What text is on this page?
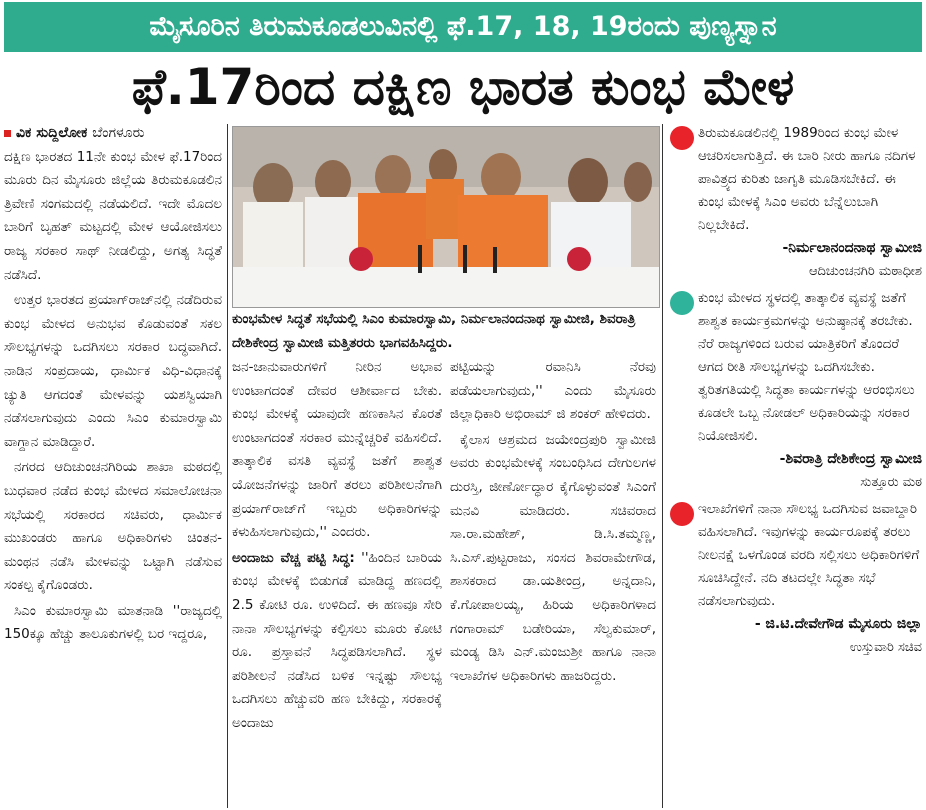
ಮೈಸೂರಿನ ತಿರುಮಕೂಡಲುವಿನಲ್ಲಿ ಫೆ.17, 18, 19ರಂದು ಪುಣ್ಯಸ್ನಾನ
ಫೆ.17ರಿಂದ ದಕ್ಷಿಣ ಭಾರತ ಕುಂಭ ಮೇಳ
ವಿಕ ಸುದ್ದಿಲೋಕ ಬೆಂಗಳೂರು

ದಕ್ಷಿಣ ಭಾರತದ 11ನೇ ಕುಂಭ ಮೇಳ ಫೆ.17ರಿಂದ ಮೂರು ದಿನ ಮೈಸೂರು ಜಿಲ್ಲೆಯ ತಿರುಮಕೂಡಲಿನ ತ್ರಿವೇಣಿ ಸಂಗಮದಲ್ಲಿ ನಡೆಯಲಿದೆ. ಇದೇ ಮೊದಲ ಬಾರಿಗೆ ಬೃಹತ್ ಮಟ್ಟದಲ್ಲಿ ಮೇಳ ಆಯೋಜಿಸಲು ರಾಜ್ಯ ಸರಕಾರ ಸಾಥ್ ನೀಡಲಿದ್ದು, ಅಗತ್ಯ ಸಿದ್ಧತೆ ನಡೆಸಿದೆ.

ಉತ್ತರ ಭಾರತದ ಪ್ರಯಾಗ್‌ರಾಜ್‌ನಲ್ಲಿ ನಡೆದಿರುವ ಕುಂಭ ಮೇಳದ ಅನುಭವ ಕೊಡುವಂತೆ ಸಕಲ ಸೌಲಭ್ಯಗಳನ್ನು ಒದಗಿಸಲು ಸರಕಾರ ಬದ್ಧವಾಗಿದೆ. ನಾಡಿನ ಸಂಪ್ರದಾಯ, ಧಾರ್ಮಿಕ ವಿಧಿ-ವಿಧಾನಕ್ಕೆ ಚ್ಯುತಿ ಆಗದಂತೆ ಮೇಳವನ್ನು ಯಶಸ್ವಿಯಾಗಿ ನಡೆಸಲಾಗುವುದು ಎಂದು ಸಿಎಂ ಕುಮಾರಸ್ವಾಮಿ ವಾಗ್ದಾನ ಮಾಡಿದ್ದಾರೆ.

ನಗರದ ಆದಿಚುಂಚನಗಿರಿಯ ಶಾಖಾ ಮಠದಲ್ಲಿ ಬುಧವಾರ ನಡೆದ ಕುಂಭ ಮೇಳದ ಸಮಾಲೋಚನಾ ಸಭೆಯಲ್ಲಿ ಸರಕಾರದ ಸಚಿವರು, ಧಾರ್ಮಿಕ ಮುಖಂಡರು ಹಾಗೂ ಅಧಿಕಾರಿಗಳು ಚಿಂತನ-ಮಂಥನ ನಡೆಸಿ ಮೇಳವನ್ನು ಒಟ್ಟಾಗಿ ನಡೆಸುವ ಸಂಕಲ್ಪ ಕೈಗೊಂಡರು.

ಸಿಎಂ ಕುಮಾರಸ್ವಾಮಿ ಮಾತನಾಡಿ ''ರಾಜ್ಯದಲ್ಲಿ 150ಕ್ಕೂ ಹೆಚ್ಚು ತಾಲೂಕುಗಳಲ್ಲಿ ಬರ ಇದ್ದರೂ,

ಕುಂಭಮೇಳ ಸಿದ್ಧತೆ ಸಭೆಯಲ್ಲಿ ಸಿಎಂ ಕುಮಾರಸ್ವಾಮಿ, ನಿರ್ಮಲಾನಂದನಾಥ ಸ್ವಾಮೀಜಿ, ಶಿವರಾತ್ರಿ ದೇಶಿಕೇಂದ್ರ ಸ್ವಾಮೀಜಿ ಮತ್ತಿತರರು ಭಾಗವಹಿಸಿದ್ದರು.

ಜನ-ಜಾನುವಾರುಗಳಿಗೆ ನೀರಿನ ಅಭಾವ ಉಂಟಾಗದಂತೆ ದೇವರ ಆಶೀರ್ವಾದ ಬೇಕು. ಕುಂಭ ಮೇಳಕ್ಕೆ ಯಾವುದೇ ಹಣಕಾಸಿನ ಕೊರತೆ ಉಂಟಾಗದಂತೆ ಸರಕಾರ ಮುನ್ನೆಚ್ಚರಿಕೆ ವಹಿಸಲಿದೆ. ತಾತ್ಕಾಲಿಕ ವಸತಿ ವ್ಯವಸ್ಥೆ ಜತೆಗೆ ಶಾಶ್ವತ ಯೋಜನೆಗಳನ್ನು ಜಾರಿಗೆ ತರಲು ಪರಿಶೀಲನೆಗಾಗಿ ಪ್ರಯಾಗ್‌ರಾಜ್‌ಗೆ ಇಬ್ಬರು ಅಧಿಕಾರಿಗಳನ್ನು ಕಳುಹಿಸಲಾಗುವುದು,'' ಎಂದರು.

ಅಂದಾಜು ವೆಚ್ಚ ಪಟ್ಟಿ ಸಿದ್ಧ: ''ಹಿಂದಿನ ಬಾರಿಯ ಕುಂಭ ಮೇಳಕ್ಕೆ ಬಿಡುಗಡೆ ಮಾಡಿದ್ದ ಹಣದಲ್ಲಿ 2.5 ಕೋಟಿ ರೂ. ಉಳಿದಿದೆ. ಈ ಹಣವೂ ಸೇರಿ ನಾನಾ ಸೌಲಭ್ಯಗಳನ್ನು ಕಲ್ಪಿಸಲು ಮೂರು ಕೋಟಿ ರೂ. ಪ್ರಸ್ತಾವನೆ ಸಿದ್ಧಪಡಿಸಲಾಗಿದೆ. ಸ್ಥಳ ಪರಿಶೀಲನೆ ನಡೆಸಿದ ಬಳಿಕ ಇನ್ನಷ್ಟು ಸೌಲಭ್ಯ ಒದಗಿಸಲು ಹೆಚ್ಚುವರಿ ಹಣ ಬೇಕಿದ್ದು, ಸರಕಾರಕ್ಕೆ ಅಂದಾಜು

ಪಟ್ಟಿಯನ್ನು ರವಾನಿಸಿ ನೆರವು ಪಡೆಯಲಾಗುವುದು,'' ಎಂದು ಮೈಸೂರು ಜಿಲ್ಲಾಧಿಕಾರಿ ಅಭಿರಾಮ್ ಜಿ ಶಂಕರ್ ಹೇಳಿದರು.

ಕೈಲಾಸ ಆಶ್ರಮದ ಜಯೇಂದ್ರಪುರಿ ಸ್ವಾಮೀಜಿ ಅವರು ಕುಂಭಮೇಳಕ್ಕೆ ಸಂಬಂಧಿಸಿದ ದೇಗುಲಗಳ ದುರಸ್ತಿ, ಜೀರ್ಣೋದ್ಧಾರ ಕೈಗೊಳ್ಳುವಂತೆ ಸಿಎಂಗೆ ಮನವಿ ಮಾಡಿದರು. ಸಚಿವರಾದ ಸಾ.ರಾ.ಮಹೇಶ್, ಡಿ.ಸಿ.ತಮ್ಮಣ್ಣ, ಸಿ.ಎಸ್.ಪುಟ್ಟರಾಜು, ಸಂಸದ ಶಿವರಾಮೇಗೌಡ, ಶಾಸಕರಾದ ಡಾ.ಯತೀಂದ್ರ, ಅನ್ನದಾನಿ, ಕೆ.ಗೋಪಾಲಯ್ಯ, ಹಿರಿಯ ಅಧಿಕಾರಿಗಳಾದ ಗಂಗಾರಾಮ್ ಬಡೇರಿಯಾ, ಸೆಲ್ವಕುಮಾರ್, ಮಂಡ್ಯ ಡಿಸಿ ಎನ್.ಮಂಜುಶ್ರೀ ಹಾಗೂ ನಾನಾ ಇಲಾಖೆಗಳ ಅಧಿಕಾರಿಗಳು ಹಾಜರಿದ್ದರು.

ತಿರುಮಕೂಡಲಿನಲ್ಲಿ 1989ರಿಂದ ಕುಂಭ ಮೇಳ ಆಚರಿಸಲಾಗುತ್ತಿದೆ. ಈ ಬಾರಿ ನೀರು ಹಾಗೂ ನದಿಗಳ ಪಾವಿತ್ರ್ಯದ ಕುರಿತು ಜಾಗೃತಿ ಮೂಡಿಸಬೇಕಿದೆ. ಈ ಕುಂಭ ಮೇಳಕ್ಕೆ ಸಿಎಂ ಅವರು ಬೆನ್ನೆಲುಬಾಗಿ ನಿಲ್ಲಬೇಕಿದೆ.
-ನಿರ್ಮಲಾನಂದನಾಥ ಸ್ವಾಮೀಜಿ
ಆದಿಚುಂಚನಗಿರಿ ಮಠಾಧೀಶ
ಕುಂಭ ಮೇಳದ ಸ್ಥಳದಲ್ಲಿ ತಾತ್ಕಾಲಿಕ ವ್ಯವಸ್ಥೆ ಜತೆಗೆ ಶಾಶ್ವತ ಕಾರ್ಯಕ್ರಮಗಳನ್ನು ಅನುಷ್ಠಾನಕ್ಕೆ ತರಬೇಕು. ನೆರೆ ರಾಜ್ಯಗಳಿಂದ ಬರುವ ಯಾತ್ರಿಕರಿಗೆ ತೊಂದರೆ ಆಗದ ರೀತಿ ಸೌಲಭ್ಯಗಳನ್ನು ಒದಗಿಸಬೇಕು. ತ್ವರಿತಗತಿಯಲ್ಲಿ ಸಿದ್ಧತಾ ಕಾರ್ಯಗಳನ್ನು ಆರಂಭಿಸಲು ಕೂಡಲೇ ಒಬ್ಬ ನೋಡಲ್ ಅಧಿಕಾರಿಯನ್ನು ಸರಕಾರ ನಿಯೋಜಿಸಲಿ.
-ಶಿವರಾತ್ರಿ ದೇಶಿಕೇಂದ್ರ ಸ್ವಾಮೀಜಿ
ಸುತ್ತೂರು ಮಠ
ಇಲಾಖೆಗಳಿಗೆ ನಾನಾ ಸೌಲಭ್ಯ ಒದಗಿಸುವ ಜವಾಬ್ದಾರಿ ವಹಿಸಲಾಗಿದೆ. ಇವುಗಳನ್ನು ಕಾರ್ಯರೂಪಕ್ಕೆ ತರಲು ನೀಲನಕ್ಷೆ ಒಳಗೊಂಡ ವರದಿ ಸಲ್ಲಿಸಲು ಅಧಿಕಾರಿಗಳಿಗೆ ಸೂಚಿಸಿದ್ದೇನೆ. ನದಿ ತಟದಲ್ಲೇ ಸಿದ್ಧತಾ ಸಭೆ ನಡೆಸಲಾಗುವುದು.
- ಜಿ.ಟಿ.ದೇವೇಗೌಡ ಮೈಸೂರು ಜಿಲ್ಲಾ
ಉಸ್ತುವಾರಿ ಸಚಿವ
